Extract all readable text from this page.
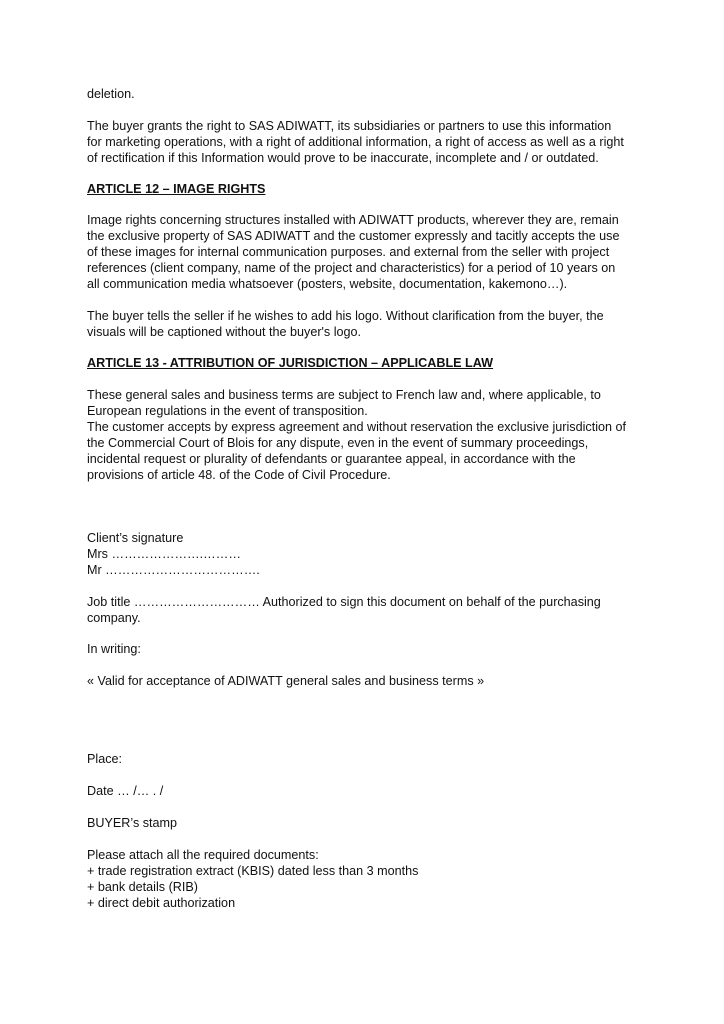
deletion.
The buyer grants the right to SAS ADIWATT, its subsidiaries or partners to use this information
for marketing operations, with a right of additional information, a right of access as well as a right
of rectification if this Information would prove to be inaccurate, incomplete and / or outdated.
ARTICLE 12 – IMAGE RIGHTS
Image rights concerning structures installed with ADIWATT products, wherever they are, remain
the exclusive property of SAS ADIWATT and the customer expressly and tacitly accepts the use
of these images for internal communication purposes. and external from the seller with project
references (client company, name of the project and characteristics) for a period of 10 years on
all communication media whatsoever (posters, website, documentation, kakemono…).
The buyer tells the seller if he wishes to add his logo. Without clarification from the buyer, the
visuals will be captioned without the buyer's logo.
ARTICLE 13 - ATTRIBUTION OF JURISDICTION – APPLICABLE LAW
These general sales and business terms are subject to French law and, where applicable, to
European regulations in the event of transposition.
The customer accepts by express agreement and without reservation the exclusive jurisdiction of
the Commercial Court of Blois for any dispute, even in the event of summary proceedings,
incidental request or plurality of defendants or guarantee appeal, in accordance with the
provisions of article 48. of the Code of Civil Procedure.
Client’s signature
Mrs ………………….………
Mr ……………………………….
Job title ………………………… Authorized to sign this document on behalf of the purchasing
company.
In writing:
« Valid for acceptance of ADIWATT general sales and business terms »
Place:
Date … /… . /
BUYER’s stamp
Please attach all the required documents:
+ trade registration extract (KBIS) dated less than 3 months
+ bank details (RIB)
+ direct debit authorization
